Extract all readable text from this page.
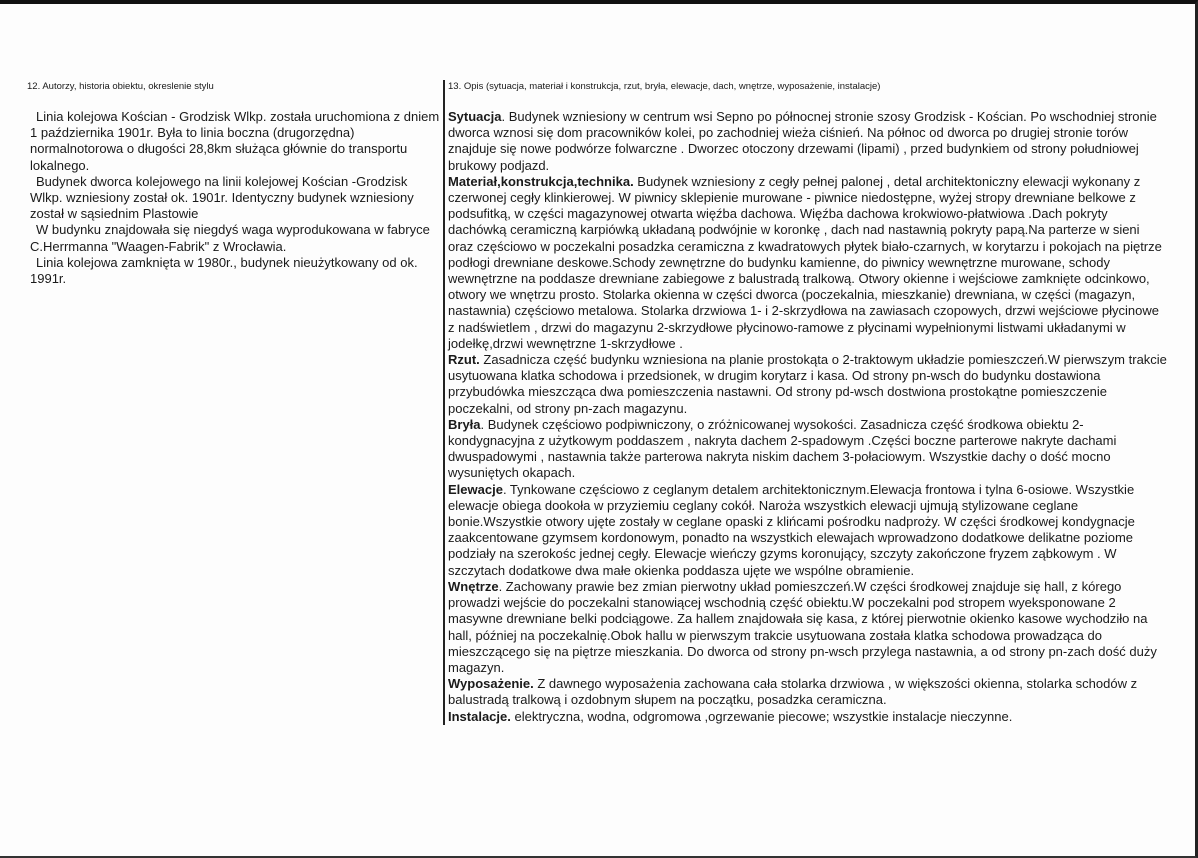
12. Autorzy, historia obiektu, okreslenie stylu

Linia kolejowa Kościan - Grodzisk Wlkp. została uruchomiona z dniem 1 października 1901r. Była to linia boczna (drugorzędna) normalnotorowa o długości 28,8km służąca głównie do transportu lokalnego.

Budynek dworca kolejowego na linii kolejowej Kościan -Grodzisk Wlkp. wzniesiony został ok. 1901r. Identyczny budynek wzniesiony został w sąsiednim Plastowie

W budynku znajdowała się niegdyś waga wyprodukowana w fabryce C.Herrmanna "Waagen-Fabrik" z Wrocławia.

Linia kolejowa zamknięta w 1980r., budynek nieużytkowany od ok. 1991r.

13. Opis (sytuacja, materiał i konstrukcja, rzut, bryła, elewacje, dach, wnętrze, wyposażenie, instalacje)

Sytuacja. Budynek wzniesiony w centrum wsi Sepno po północnej stronie szosy Grodzisk - Kościan. Po wschodniej stronie dworca wznosi się dom pracowników kolei, po zachodniej wieża ciśnień. Na północ od dworca po drugiej stronie torów znajduje się nowe podwórze folwarczne . Dworzec otoczony drzewami (lipami) , przed budynkiem od strony południowej brukowy podjazd.

Materiał,konstrukcja,technika. Budynek wzniesiony z cegły pełnej palonej , detal architektoniczny elewacji wykonany z czerwonej cegły klinkierowej. W piwnicy sklepienie murowane - piwnice niedostępne, wyżej stropy drewniane belkowe z podsufitką, w części magazynowej otwarta więźba dachowa. Więźba dachowa krokwiowo-płatwiowa .Dach pokryty dachówką ceramiczną karpiówką układaną podwójnie w koronkę , dach nad nastawnią pokryty papą.Na parterze w sieni oraz częściowo w poczekalni posadzka ceramiczna z kwadratowych płytek biało-czarnych, w korytarzu i pokojach na piętrze podłogi drewniane deskowe.Schody zewnętrzne do budynku kamienne, do piwnicy wewnętrzne murowane, schody wewnętrzne na poddasze drewniane zabiegowe z balustradą tralkową. Otwory okienne i wejściowe zamknięte odcinkowo, otwory we wnętrzu prosto. Stolarka okienna w części dworca (poczekalnia, mieszkanie) drewniana, w części (magazyn, nastawnia) częściowo metalowa. Stolarka drzwiowa 1- i 2-skrzydłowa na zawiasach czopowych, drzwi wejściowe płycinowe z nadświetlem , drzwi do magazynu 2-skrzydłowe płycinowo-ramowe z płycinami wypełnionymi listwami układanymi w jodełkę,drzwi wewnętrzne 1-skrzydłowe .

Rzut. Zasadnicza część budynku wzniesiona na planie prostokąta o 2-traktowym układzie pomieszczeń.W pierwszym trakcie usytuowana klatka schodowa i przedsionek, w drugim korytarz i kasa. Od strony pn-wsch do budynku dostawiona przybudówka mieszcząca dwa pomieszczenia nastawni. Od strony pd-wsch dostwiona prostokątne pomieszczenie poczekalni, od strony pn-zach magazynu.

Bryła. Budynek częściowo podpiwniczony, o zróżnicowanej wysokości. Zasadnicza część środkowa obiektu 2-kondygnacyjna z użytkowym poddaszem , nakryta dachem 2-spadowym .Części boczne parterowe nakryte dachami dwuspadowymi , nastawnia także parterowa nakryta niskim dachem 3-połaciowym. Wszystkie dachy o dość mocno wysuniętych okapach.

Elewacje. Tynkowane częściowo z ceglanym detalem architektonicznym.Elewacja frontowa i tylna 6-osiowe. Wszystkie elewacje obiega dookoła w przyziemiu ceglany cokół. Naroża wszystkich elewacji ujmują stylizowane ceglane bonie.Wszystkie otwory ujęte zostały w ceglane opaski z klińcami pośrodku nadproży. W części środkowej kondygnacje zaakcentowane gzymsem kordonowym, ponadto na wszystkich elewajach wprowadzono dodatkowe delikatne poziome podziały na szerokośc jednej cegły. Elewacje wieńczy gzyms koronujący, szczyty zakończone fryzem ząbkowym . W szczytach dodatkowe dwa małe okienka poddasza ujęte we wspólne obramienie.

Wnętrze. Zachowany prawie bez zmian pierwotny układ pomieszczeń.W części środkowej znajduje się hall, z kórego prowadzi wejście do poczekalni stanowiącej wschodnią część obiektu.W poczekalni pod stropem wyeksponowane 2 masywne drewniane belki podciągowe. Za hallem znajdowała się kasa, z której pierwotnie okienko kasowe wychodziło na hall, później na poczekalnię.Obok hallu w pierwszym trakcie usytuowana została klatka schodowa prowadząca do mieszczącego się na piętrze mieszkania. Do dworca od strony pn-wsch przylega nastawnia, a od strony pn-zach dość duży magazyn.

Wyposażenie. Z dawnego wyposażenia zachowana cała stolarka drzwiowa , w większości okienna, stolarka schodów z balustradą tralkową i ozdobnym słupem na początku, posadzka ceramiczna.

Instalacje. elektryczna, wodna, odgromowa ,ogrzewanie piecowe; wszystkie instalacje nieczynne.
